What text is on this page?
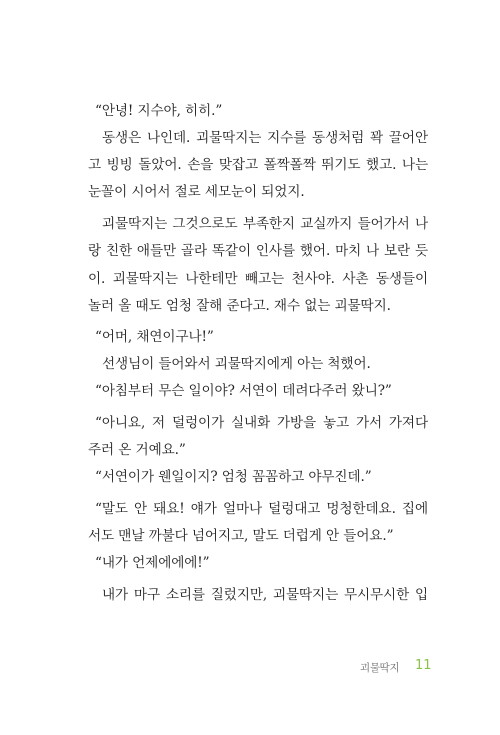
“안녕! 지수야, 히히.”
동생은 나인데. 괴물딱지는 지수를 동생처럼 꽉 끌어안
고 빙빙 돌았어. 손을 맞잡고 폴짝폴짝 뛰기도 했고. 나는
눈꼴이 시어서 절로 세모눈이 되었지.
괴물딱지는 그것으로도 부족한지 교실까지 들어가서 나
랑 친한 애들만 골라 똑같이 인사를 했어. 마치 나 보란 듯
이. 괴물딱지는 나한테만 빼고는 천사야. 사촌 동생들이
놀러 올 때도 엄청 잘해 준다고. 재수 없는 괴물딱지.
“어머, 채연이구나!”
선생님이 들어와서 괴물딱지에게 아는 척했어.
“아침부터 무슨 일이야? 서연이 데려다주러 왔니?”
“아니요, 저 덜렁이가 실내화 가방을 놓고 가서 가져다
주러 온 거예요.”
“서연이가 웬일이지? 엄청 꼼꼼하고 야무진데.”
“말도 안 돼요! 얘가 얼마나 덜렁대고 멍청한데요. 집에
서도 맨날 까불다 넘어지고, 말도 더럽게 안 들어요.”
“내가 언제에에에!”
내가 마구 소리를 질렀지만, 괴물딱지는 무시무시한 입
괴물딱지 11
